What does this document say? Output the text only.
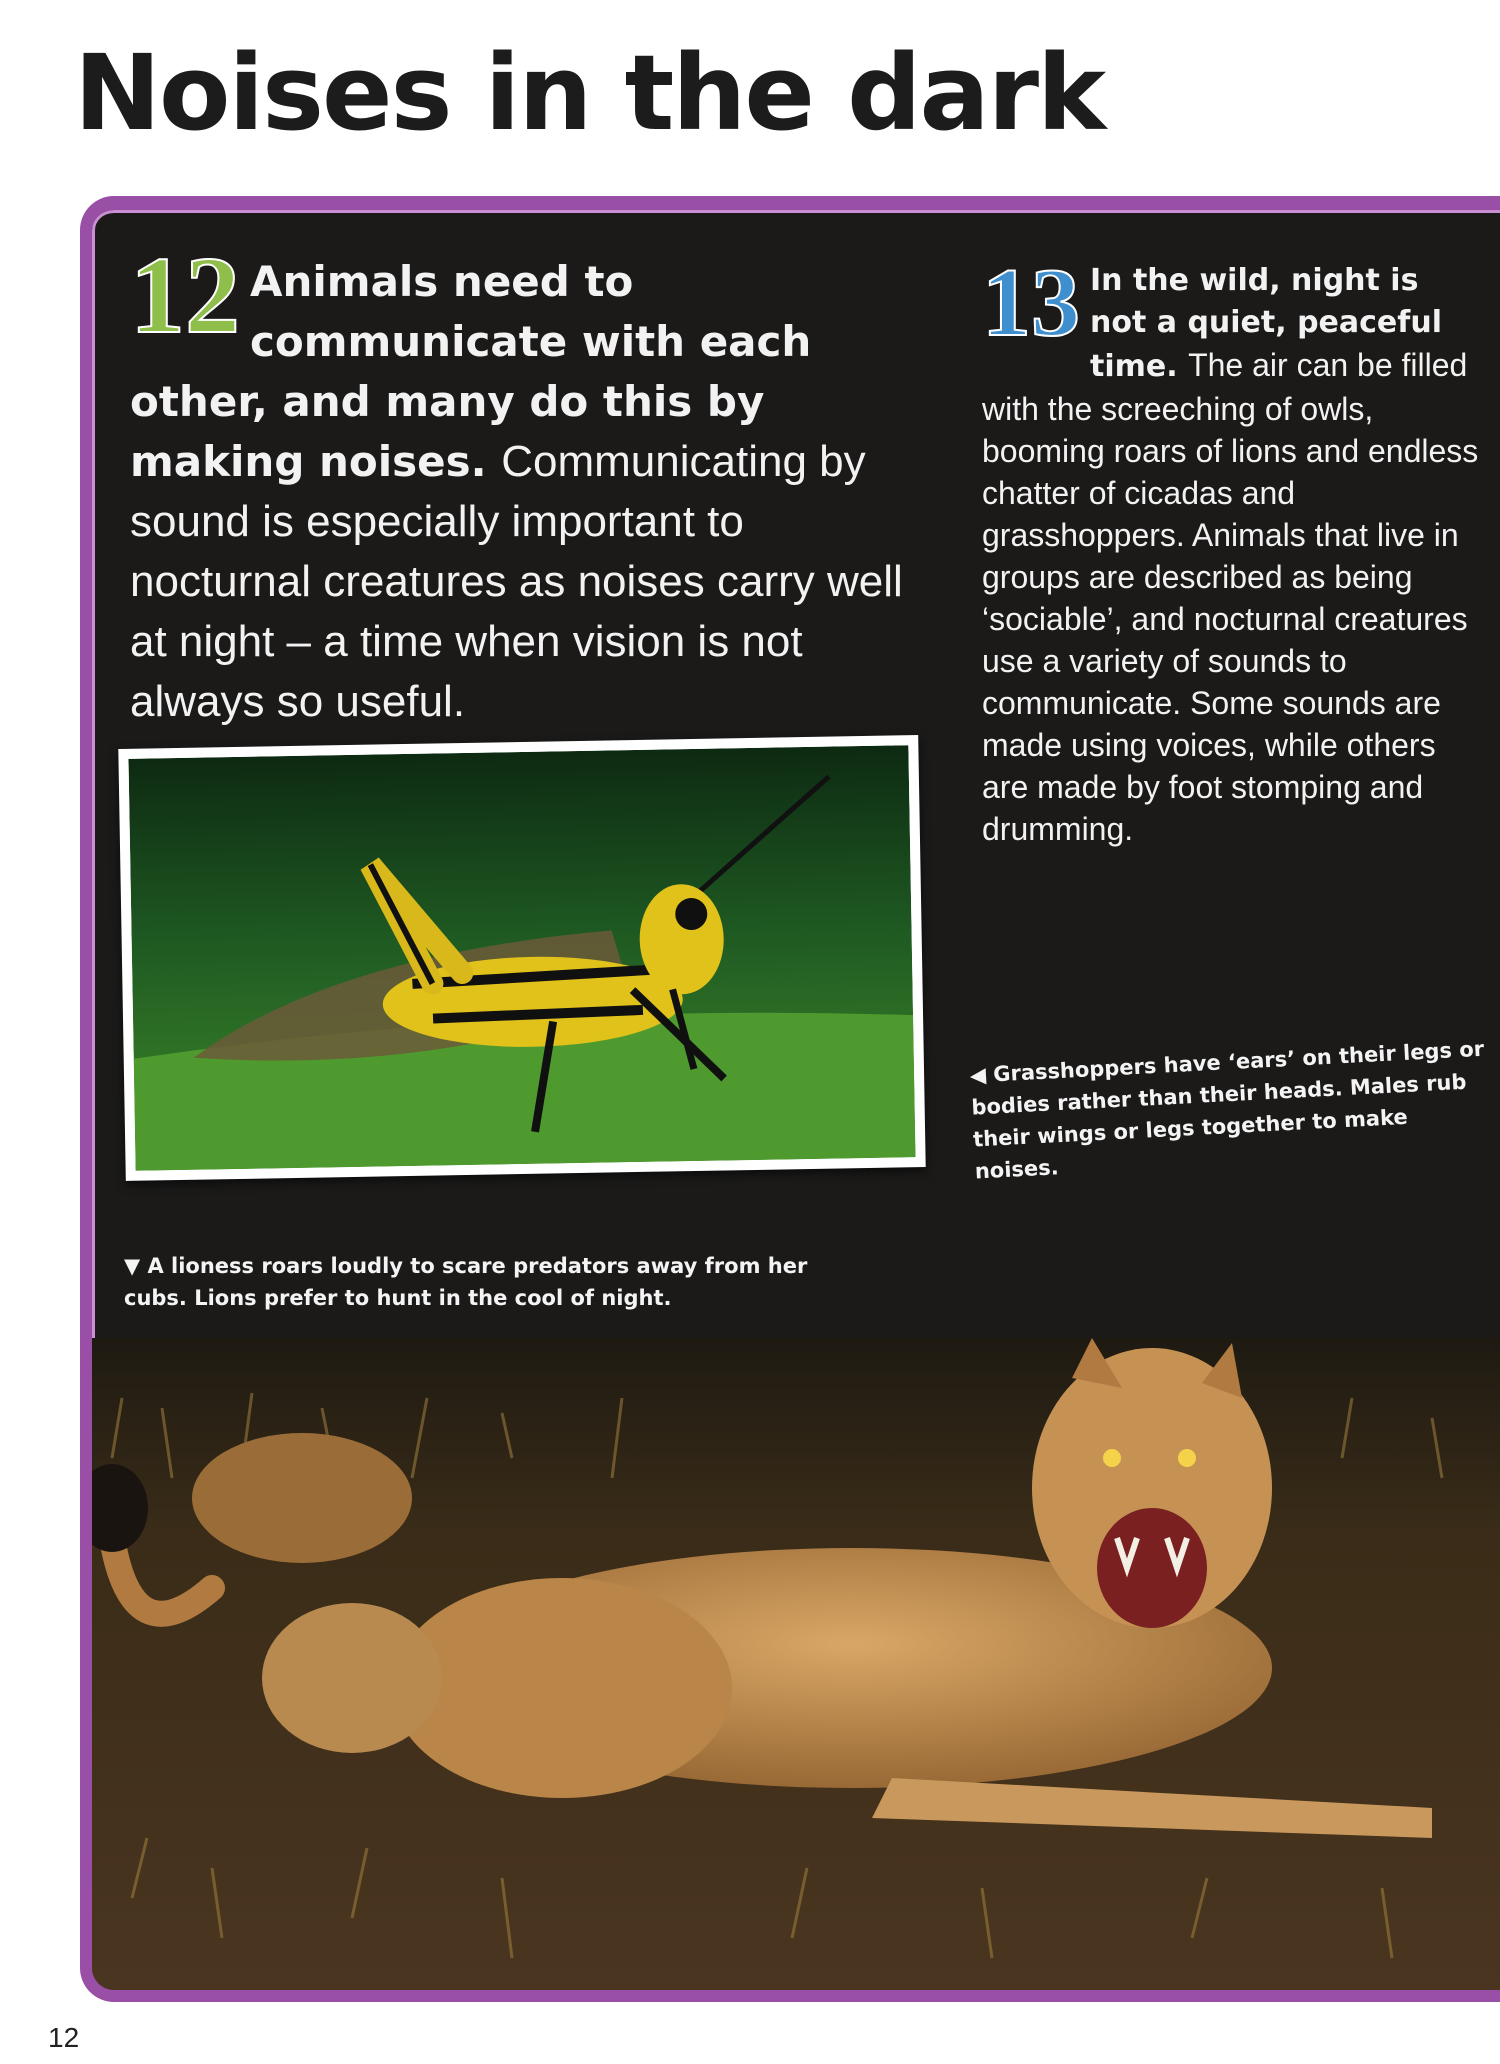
Noises in the dark
12 Animals need to communicate with each other, and many do this by making noises. Communicating by sound is especially important to nocturnal creatures as noises carry well at night – a time when vision is not always so useful.
13 In the wild, night is not a quiet, peaceful time. The air can be filled with the screeching of owls, booming roars of lions and endless chatter of cicadas and grasshoppers. Animals that live in groups are described as being ‘sociable’, and nocturnal creatures use a variety of sounds to communicate. Some sounds are made using voices, while others are made by foot stomping and drumming.
◀ Grasshoppers have ‘ears’ on their legs or bodies rather than their heads. Males rub their wings or legs together to make noises.
▼ A lioness roars loudly to scare predators away from her cubs. Lions prefer to hunt in the cool of night.
12
